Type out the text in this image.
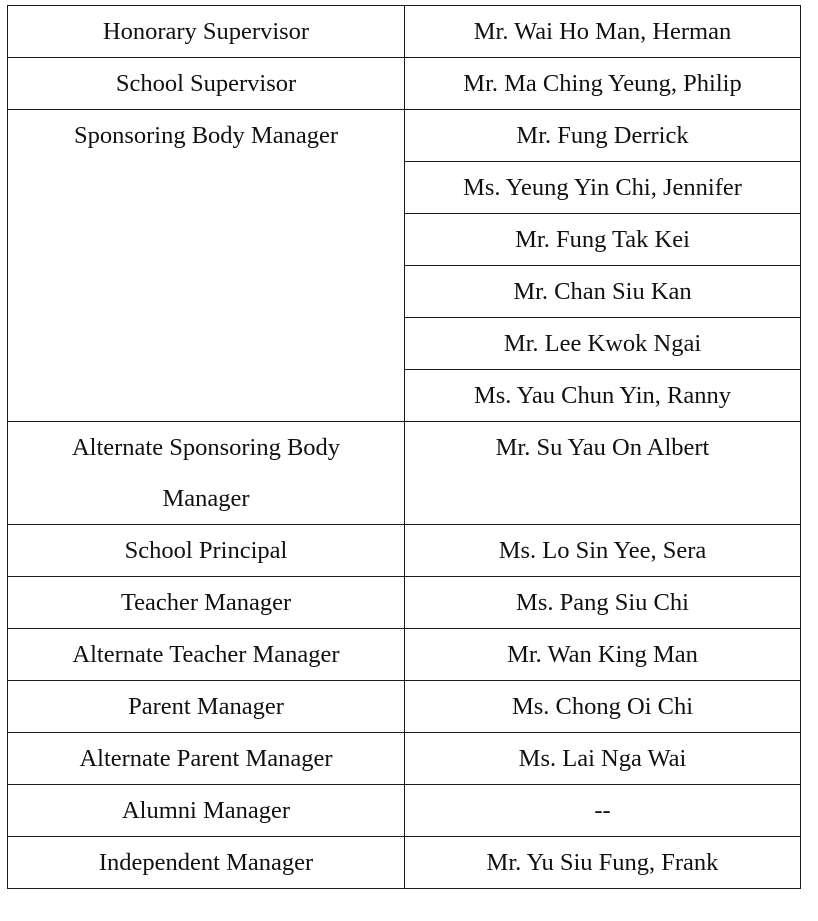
Honorary Supervisor	Mr. Wai Ho Man, Herman
School Supervisor	Mr. Ma Ching Yeung, Philip
Sponsoring Body Manager	Mr. Fung Derrick
	Ms. Yeung Yin Chi, Jennifer
	Mr. Fung Tak Kei
	Mr. Chan Siu Kan
	Mr. Lee Kwok Ngai
	Ms. Yau Chun Yin, Ranny

Alternate Sponsoring Body
Manager	Mr. Su Yau On Albert
School Principal	Ms. Lo Sin Yee, Sera
Teacher Manager	Ms. Pang Siu Chi
Alternate Teacher Manager	Mr. Wan King Man
Parent Manager	Ms. Chong Oi Chi
Alternate Parent Manager	Ms. Lai Nga Wai
Alumni Manager	--
Independent Manager	Mr. Yu Siu Fung, Frank
